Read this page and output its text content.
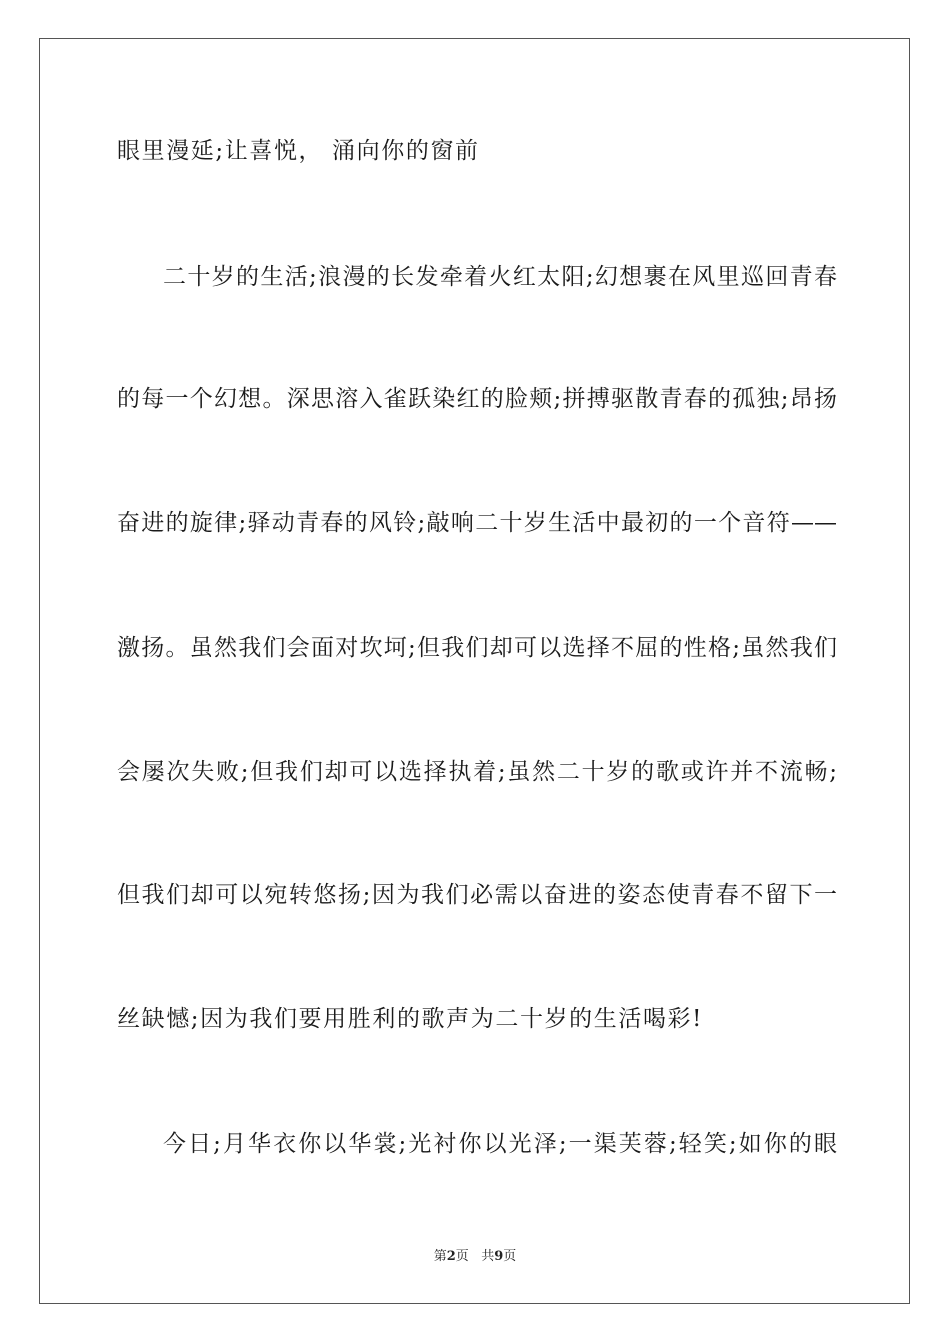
眼里漫延;让喜悦， 涌向你的窗前
二十岁的生活;浪漫的长发牵着火红太阳;幻想裹在风里巡回青春
的每一个幻想。深思溶入雀跃染红的脸颊;拼搏驱散青春的孤独;昂扬
奋进的旋律;驿动青春的风铃;敲响二十岁生活中最初的一个音符——
激扬。虽然我们会面对坎坷;但我们却可以选择不屈的性格;虽然我们
会屡次失败;但我们却可以选择执着;虽然二十岁的歌或许并不流畅;
但我们却可以宛转悠扬;因为我们必需以奋进的姿态使青春不留下一
丝缺憾;因为我们要用胜利的歌声为二十岁的生活喝彩!
今日;月华衣你以华裳;光衬你以光泽;一渠芙蓉;轻笑;如你的眼
第2页   共9页
